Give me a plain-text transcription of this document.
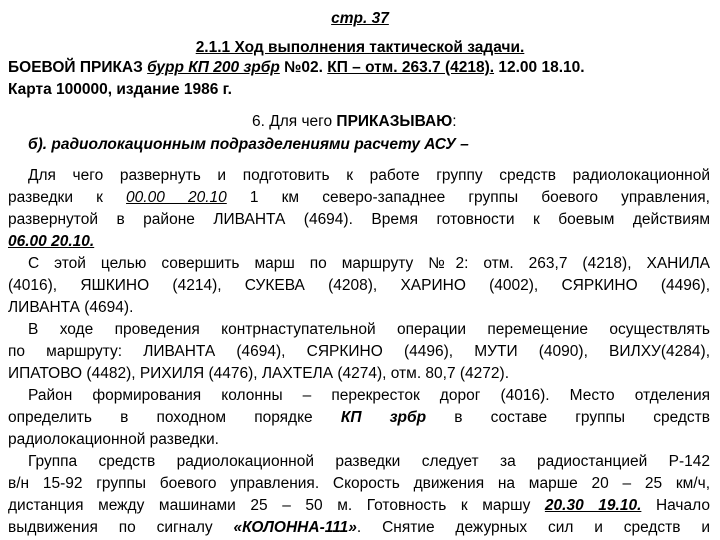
стр. 37
2.1.1 Ход выполнения тактической задачи.
БОЕВОЙ ПРИКАЗ бурр КП 200 зрбр №02. КП – отм. 263.7 (4218). 12.00 18.10.
Карта 100000, издание 1986 г.
6. Для чего ПРИКАЗЫВАЮ:
б). радиолокационным подразделениями расчету АСУ –
Для чего развернуть и подготовить к работе группу средств радиолокационной
разведки к 00.00 20.10 1 км северо-западнее группы боевого управления,
развернутой в районе ЛИВАНТА (4694). Время готовности к боевым действиям
06.00 20.10.
С этой целью совершить марш по маршруту №2: отм. 263,7 (4218), ХАНИЛА
(4016), ЯШКИНО (4214), СУКЕВА (4208), ХАРИНО (4002), СЯРКИНО (4496),
ЛИВАНТА (4694).
В ходе проведения контрнаступательной операции перемещение осуществлять
по маршруту: ЛИВАНТА (4694), СЯРКИНО (4496), МУТИ (4090), ВИЛХУ(4284),
ИПАТОВО (4482), РИХИЛЯ (4476), ЛАХТЕЛА (4274), отм. 80,7 (4272).
Район формирования колонны – перекресток дорог (4016). Место отделения
определить в походном порядке КП зрбр в составе группы средств
радиолокационной разведки.
Группа средств радиолокационной разведки следует за радиостанцией Р-142
в/н 15-92 группы боевого управления. Скорость движения на марше 20 – 25 км/ч,
дистанция между машинами 25 – 50 м. Готовность к маршу 20.30 19.10. Начало
выдвижения по сигналу «КОЛОННА-111». Снятие дежурных сил и средств и
